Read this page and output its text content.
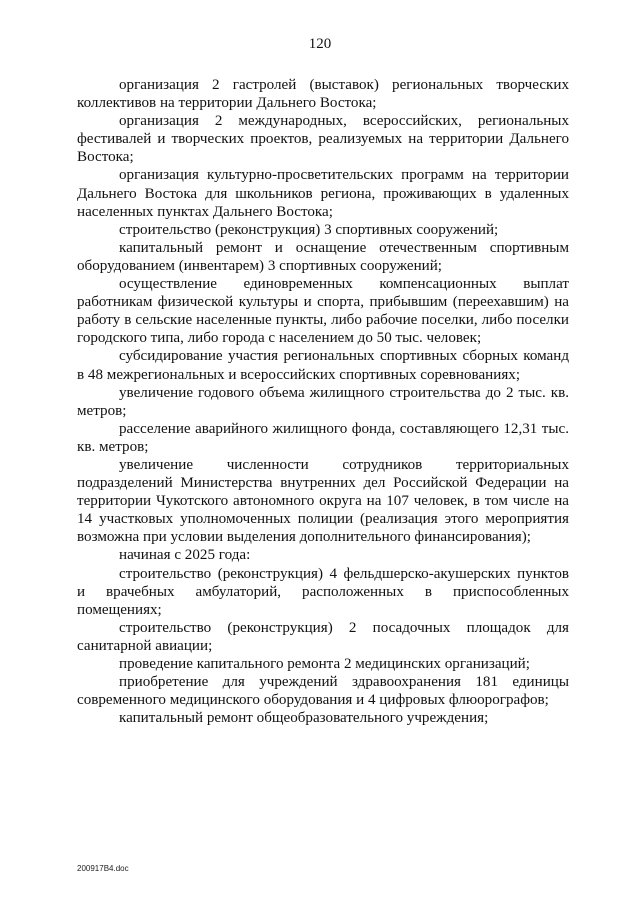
120

организация 2 гастролей (выставок) региональных творческих коллективов на территории Дальнего Востока;

организация 2 международных, всероссийских, региональных фестивалей и творческих проектов, реализуемых на территории Дальнего Востока;

организация культурно-просветительских программ на территории Дальнего Востока для школьников региона, проживающих в удаленных населенных пунктах Дальнего Востока;

строительство (реконструкция) 3 спортивных сооружений;

капитальный ремонт и оснащение отечественным спортивным оборудованием (инвентарем) 3 спортивных сооружений;

осуществление единовременных компенсационных выплат работникам физической культуры и спорта, прибывшим (переехавшим) на работу в сельские населенные пункты, либо рабочие поселки, либо поселки городского типа, либо города с населением до 50 тыс. человек;

субсидирование участия региональных спортивных сборных команд в 48 межрегиональных и всероссийских спортивных соревнованиях;

увеличение годового объема жилищного строительства до 2 тыс. кв. метров;

расселение аварийного жилищного фонда, составляющего 12,31 тыс. кв. метров;

увеличение численности сотрудников территориальных подразделений Министерства внутренних дел Российской Федерации на территории Чукотского автономного округа на 107 человек, в том числе на 14 участковых уполномоченных полиции (реализация этого мероприятия возможна при условии выделения дополнительного финансирования);

начиная с 2025 года:

строительство (реконструкция) 4 фельдшерско-акушерских пунктов и врачебных амбулаторий, расположенных в приспособленных помещениях;

строительство (реконструкция) 2 посадочных площадок для санитарной авиации;

проведение капитального ремонта 2 медицинских организаций;

приобретение для учреждений здравоохранения 181 единицы современного медицинского оборудования и 4 цифровых флюорографов;

капитальный ремонт общеобразовательного учреждения;

200917В4.doc
